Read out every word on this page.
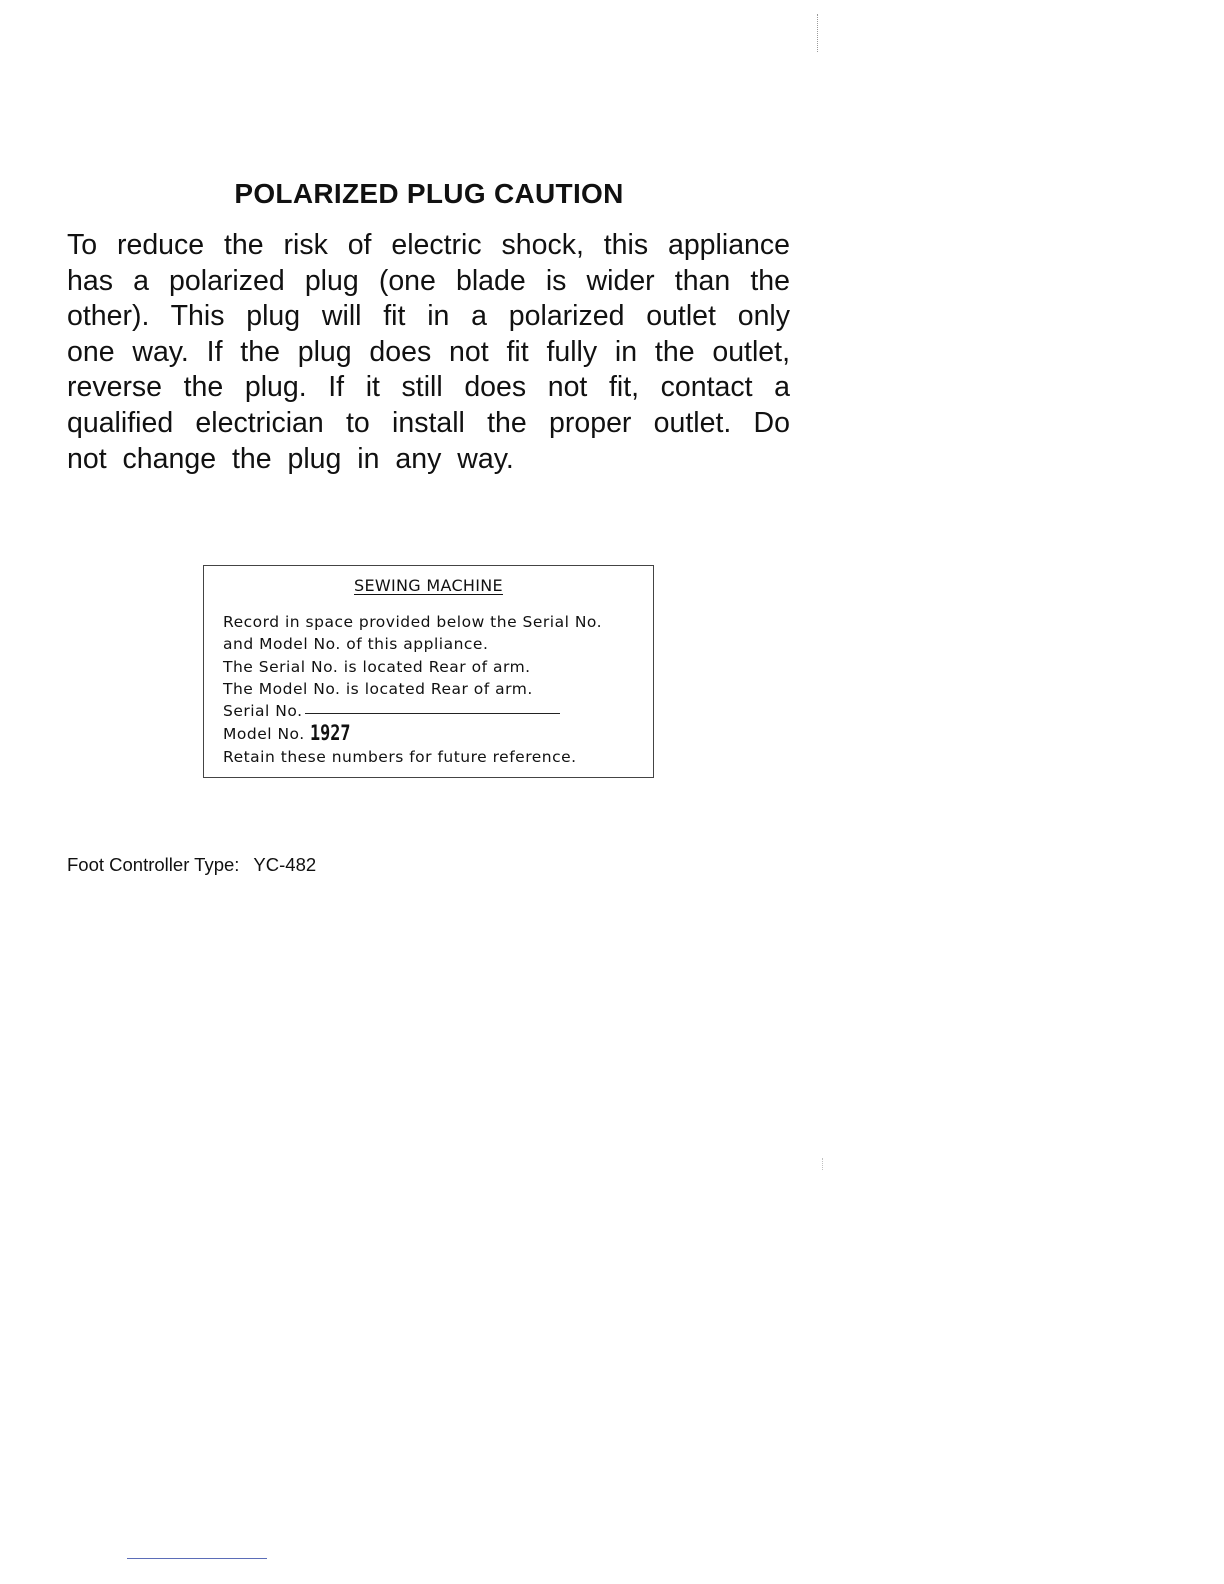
POLARIZED PLUG CAUTION

To reduce the risk of electric shock, this appliance
has a polarized plug (one blade is wider than the
other). This plug will fit in a polarized outlet only
one way. If the plug does not fit fully in the outlet,
reverse the plug. If it still does not fit, contact a
qualified electrician to install the proper outlet. Do
not change the plug in any way.

SEWING MACHINE
Record in space provided below the Serial No.
and Model No. of this appliance.
The Serial No. is located Rear of arm.
The Model No. is located Rear of arm.
Serial No.
Model No. 1927
Retain these numbers for future reference.
Foot Controller Type: YC-482
